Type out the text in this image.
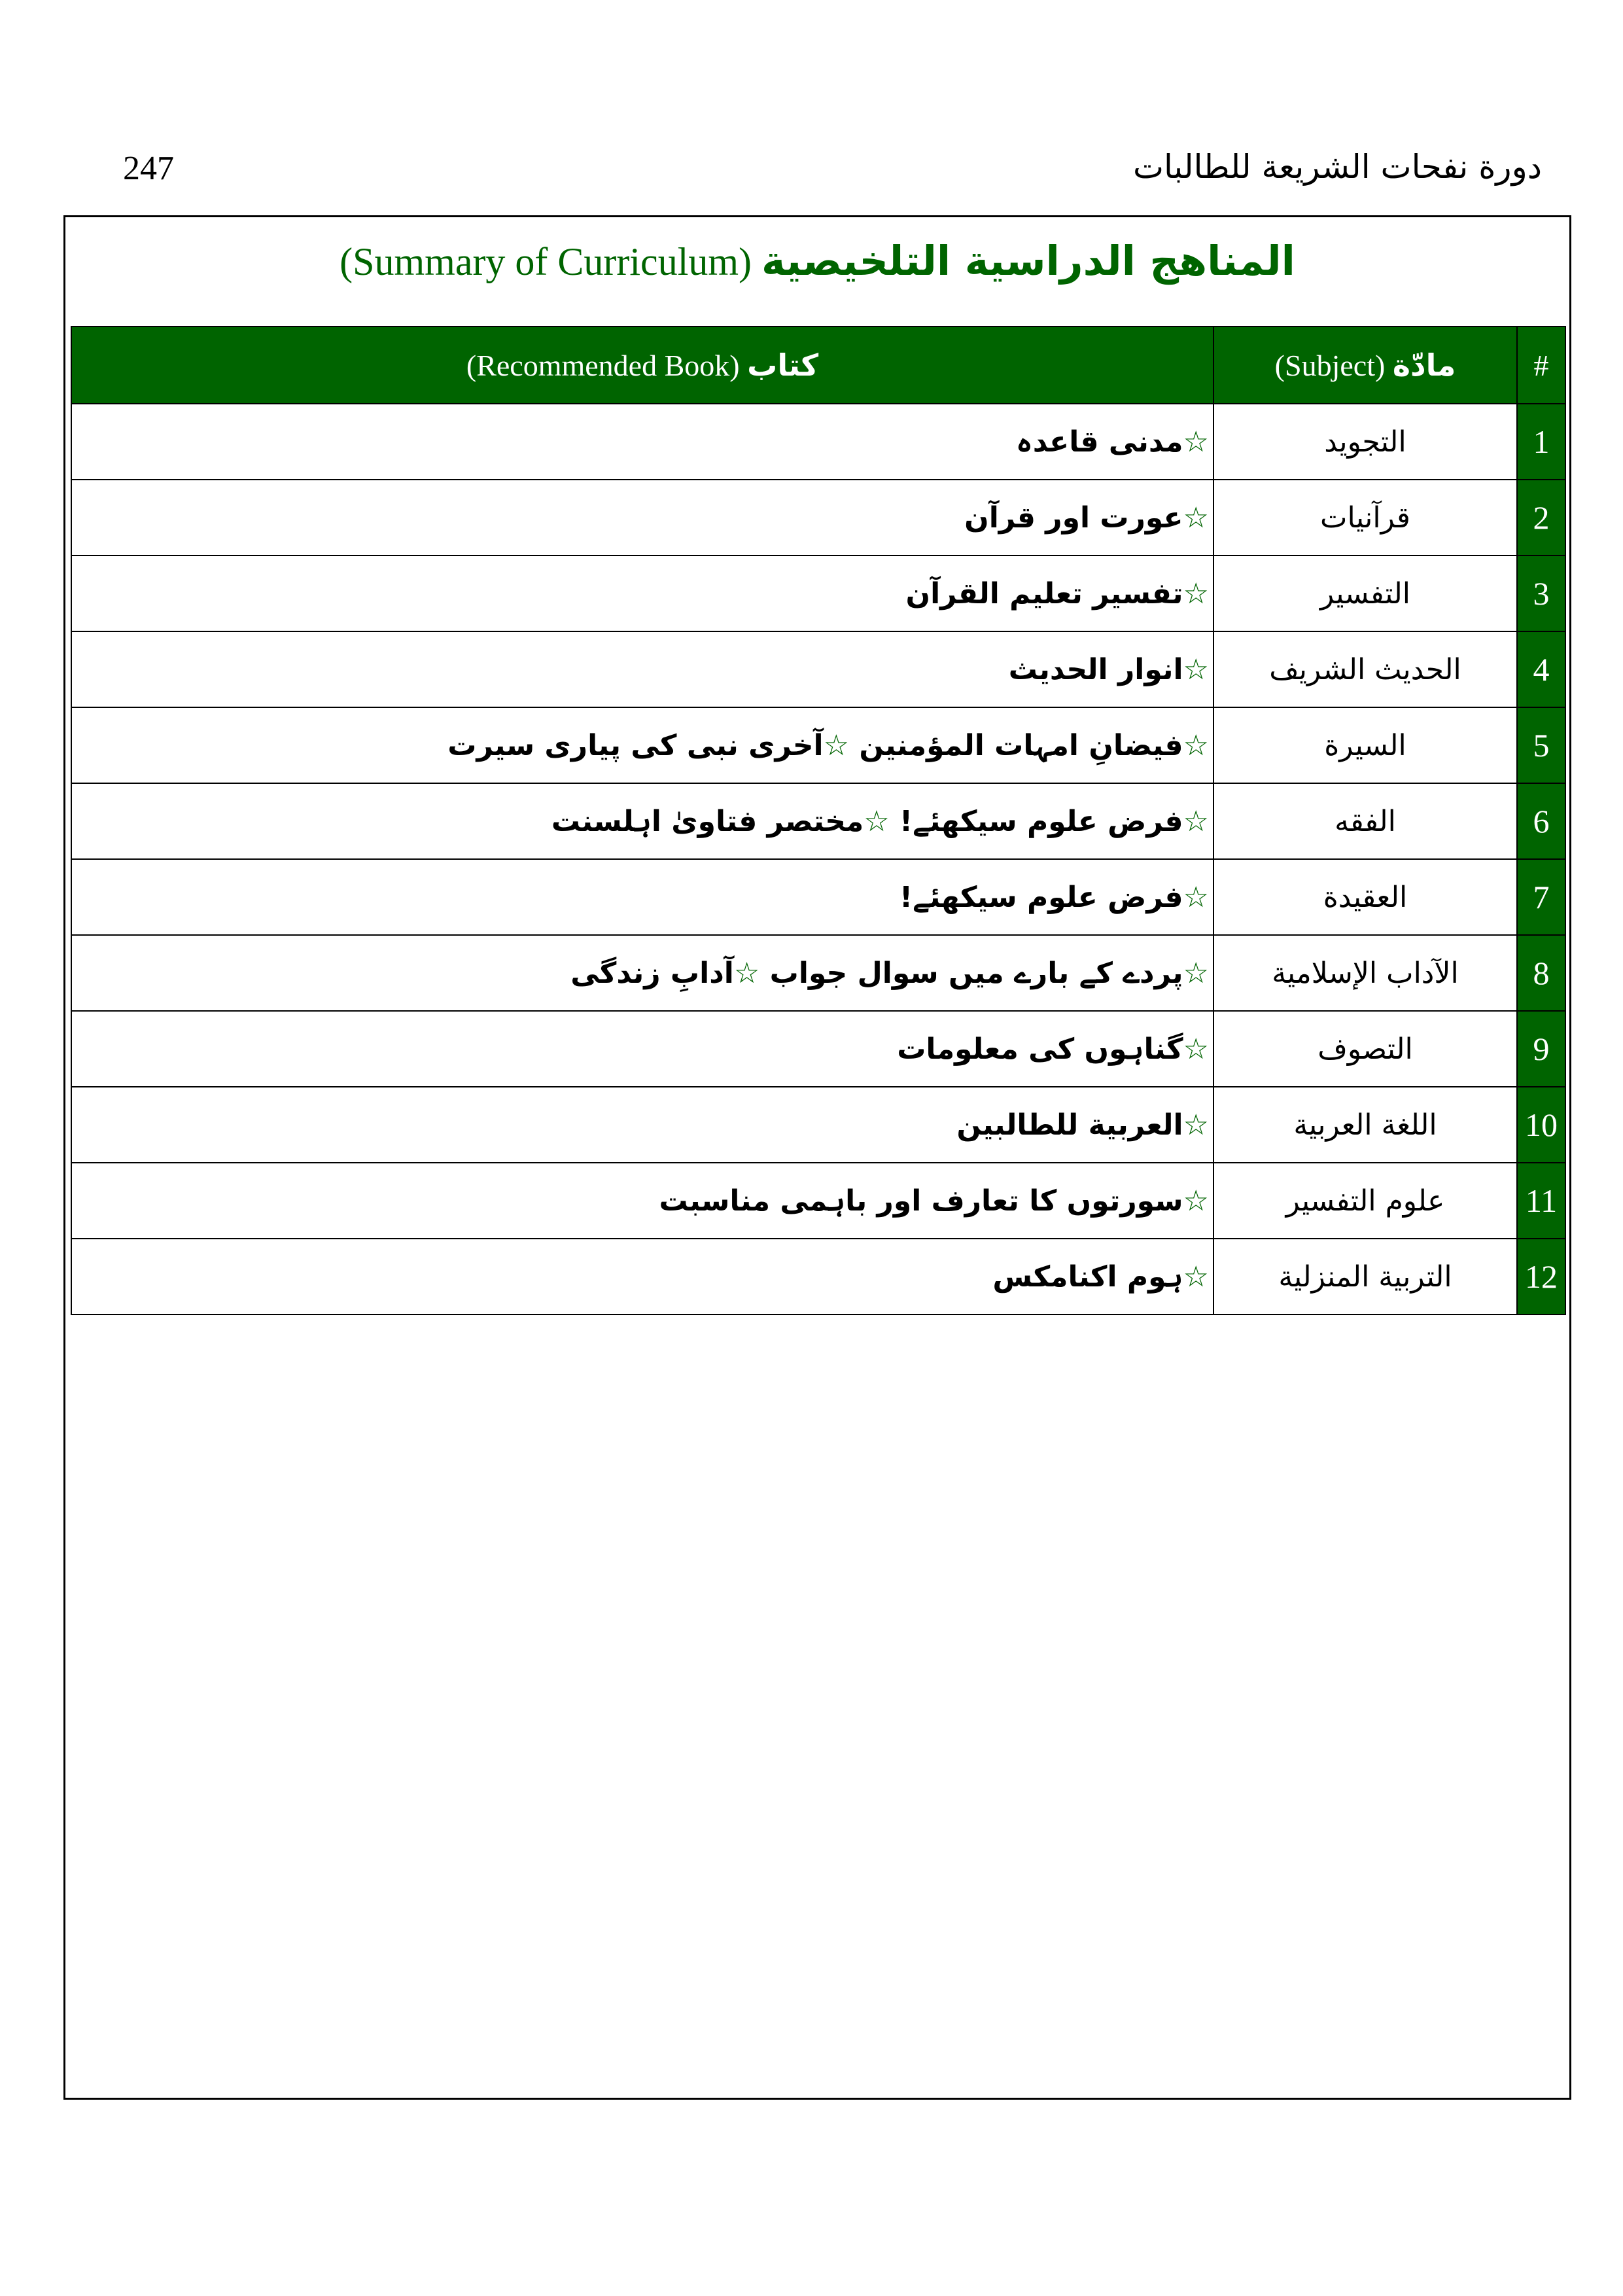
247	دورة نفحات الشريعة للطالبات
المناهج الدراسية التلخيصية (Summary of Curriculum)
#	مادّة (Subject)	كتاب (Recommended Book)
1	التجويد	☆مدنی قاعدہ
2	قرآنيات	☆عورت اور قرآن
3	التفسير	☆تفسیر تعلیم القرآن
4	الحديث الشريف	☆انوار الحدیث
5	السيرة	☆فیضانِ امہات المؤمنین ☆آخری نبی کی پیاری سیرت
6	الفقه	☆فرض علوم سیکھئے! ☆مختصر فتاویٰ اہلسنت
7	العقيدة	☆فرض علوم سیکھئے!
8	الآداب الإسلامية	☆پردے کے بارے میں سوال جواب ☆آدابِ زندگی
9	التصوف	☆گناہوں کی معلومات
10	اللغة العربية	☆العربية للطالبين
11	علوم التفسير	☆سورتوں کا تعارف اور باہمی مناسبت
12	التربية المنزلية	☆ہوم اکنامکس
